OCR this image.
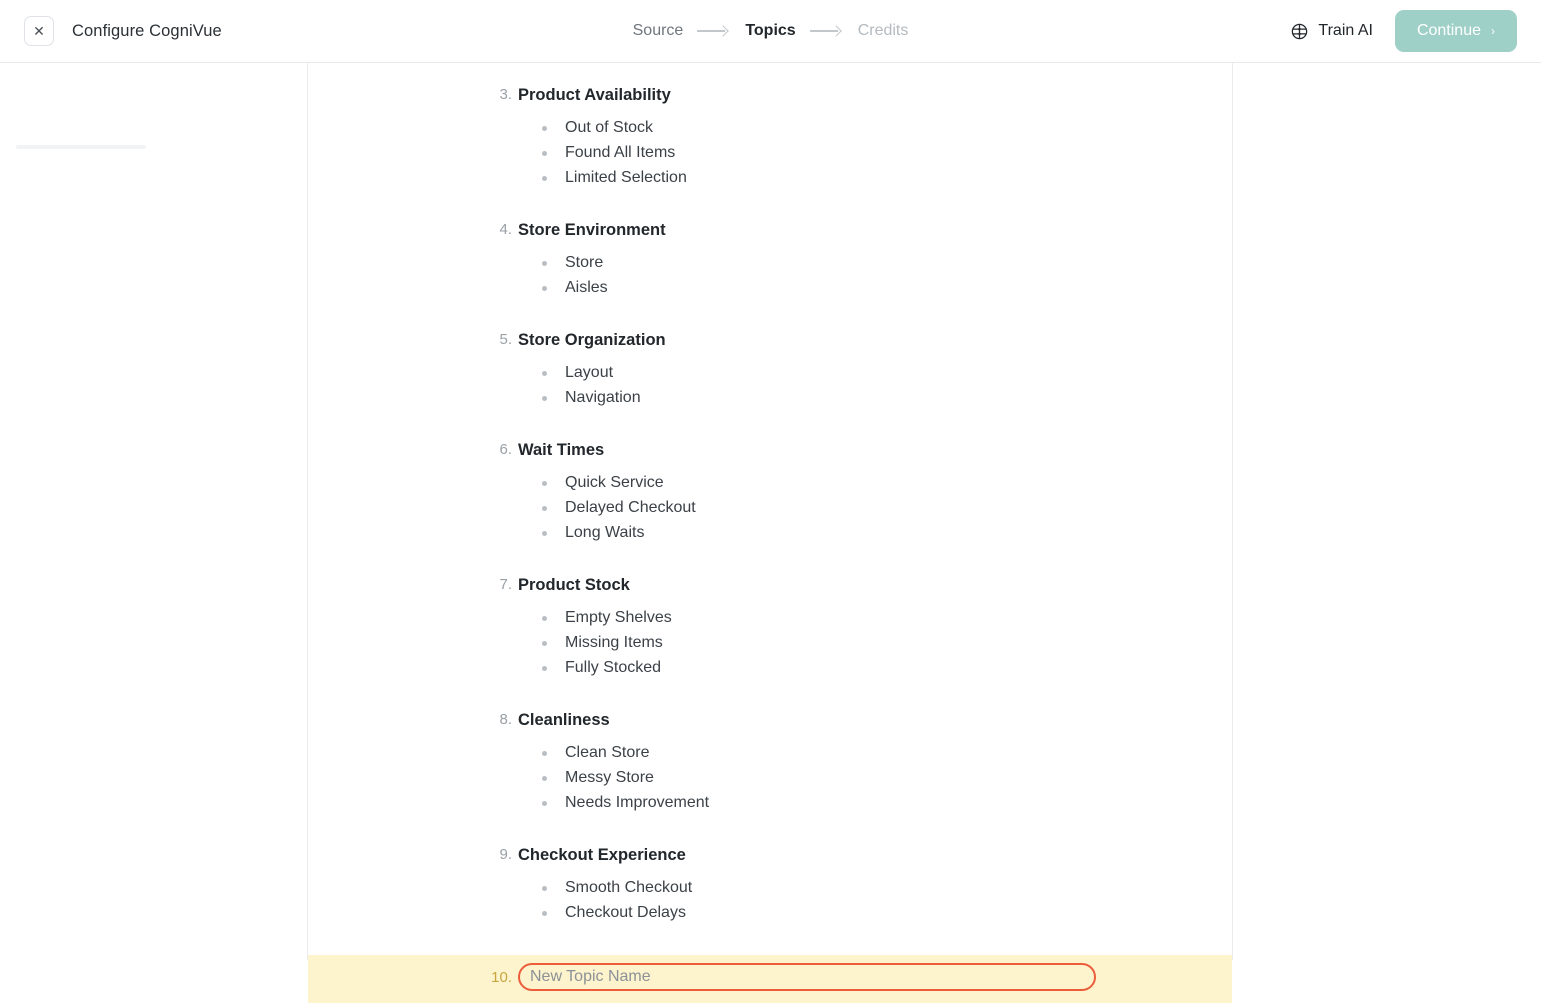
✕ Configure CogniVue	Source	Topics	Credits	Train AI	Continue ›
3. Product Availability
Out of Stock
Found All Items
Limited Selection
4. Store Environment
Store
Aisles
5. Store Organization
Layout
Navigation
6. Wait Times
Quick Service
Delayed Checkout
Long Waits
7. Product Stock
Empty Shelves
Missing Items
Fully Stocked
8. Cleanliness
Clean Store
Messy Store
Needs Improvement
9. Checkout Experience
Smooth Checkout
Checkout Delays
10.
New Topic Name
